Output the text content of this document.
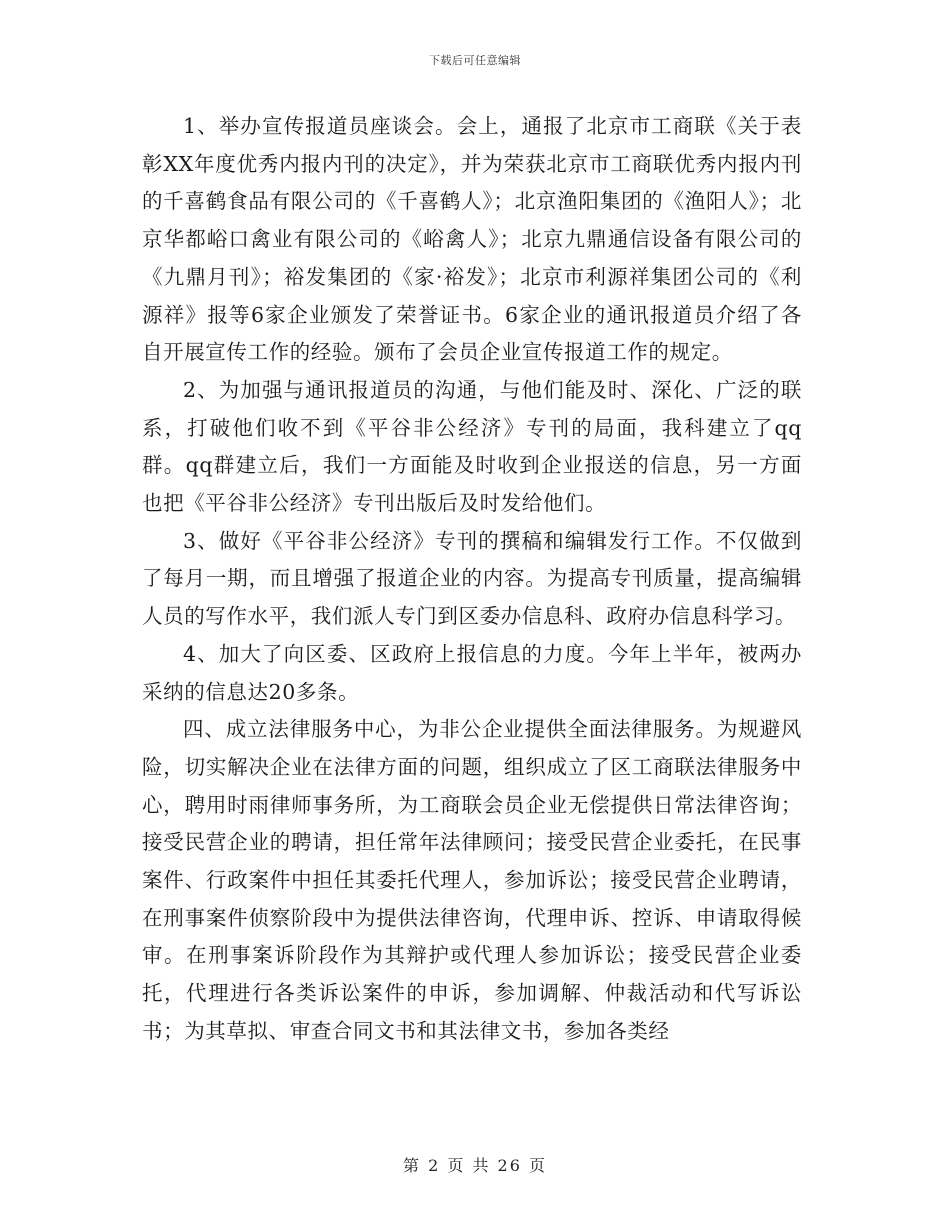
下载后可任意编辑

1、举办宣传报道员座谈会。会上，通报了北京市工商联《关于表彰XX年度优秀内报内刊的决定》，并为荣获北京市工商联优秀内报内刊的千喜鹤食品有限公司的《千喜鹤人》；北京渔阳集团的《渔阳人》；北京华都峪口禽业有限公司的《峪禽人》；北京九鼎通信设备有限公司的《九鼎月刊》；裕发集团的《家·裕发》；北京市利源祥集团公司的《利源祥》报等6家企业颁发了荣誉证书。6家企业的通讯报道员介绍了各自开展宣传工作的经验。颁布了会员企业宣传报道工作的规定。

2、为加强与通讯报道员的沟通，与他们能及时、深化、广泛的联系，打破他们收不到《平谷非公经济》专刊的局面，我科建立了qq群。qq群建立后，我们一方面能及时收到企业报送的信息，另一方面也把《平谷非公经济》专刊出版后及时发给他们。

3、做好《平谷非公经济》专刊的撰稿和编辑发行工作。不仅做到了每月一期，而且增强了报道企业的内容。为提高专刊质量，提高编辑人员的写作水平，我们派人专门到区委办信息科、政府办信息科学习。

4、加大了向区委、区政府上报信息的力度。今年上半年，被两办采纳的信息达20多条。

四、成立法律服务中心，为非公企业提供全面法律服务。为规避风险，切实解决企业在法律方面的问题，组织成立了区工商联法律服务中心，聘用时雨律师事务所，为工商联会员企业无偿提供日常法律咨询；接受民营企业的聘请，担任常年法律顾问；接受民营企业委托，在民事案件、行政案件中担任其委托代理人，参加诉讼；接受民营企业聘请，在刑事案件侦察阶段中为提供法律咨询，代理申诉、控诉、申请取得候审。在刑事案诉阶段作为其辩护或代理人参加诉讼；接受民营企业委托，代理进行各类诉讼案件的申诉，参加调解、仲裁活动和代写诉讼书；为其草拟、审查合同文书和其法律文书，参加各类经

第 2 页 共 26 页
